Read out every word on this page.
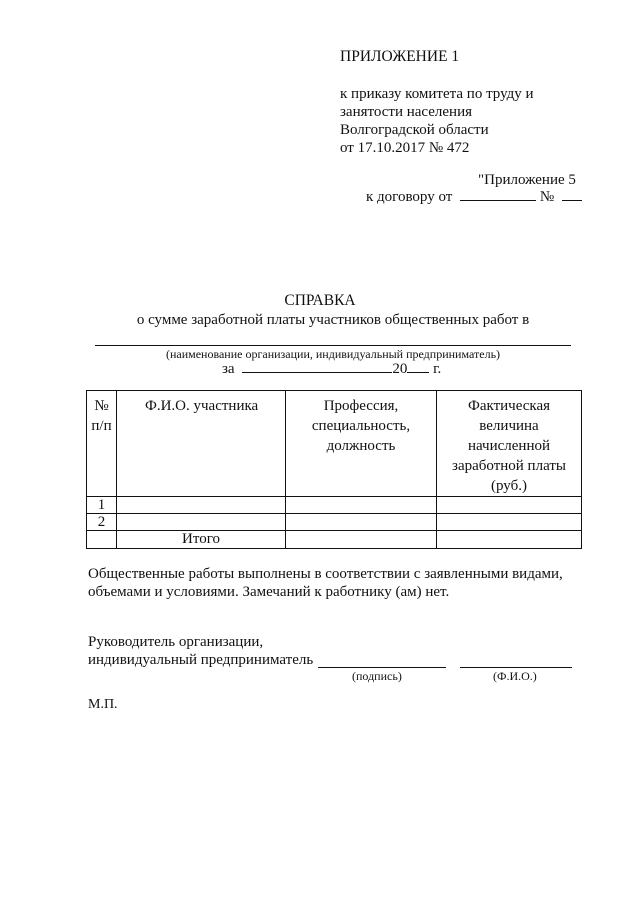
ПРИЛОЖЕНИЕ 1
к приказу комитета по труду и
занятости населения
Волгоградской области
от 17.10.2017 № 472
"Приложение 5
к договору от	№
СПРАВКА
о сумме заработной платы участников общественных работ в
(наименование организации, индивидуальный предприниматель)
за	20 г.
№ п/п	Ф.И.О. участника	Профессия, специальность, должность	Фактическая величина начисленной заработной платы (руб.)
1			
2			
	Итого		
Общественные работы выполнены в соответствии с заявленными видами,
объемами и условиями. Замечаний к работнику (ам) нет.
Руководитель организации,
индивидуальный предприниматель
(подпись)	(Ф.И.О.)
М.П.
